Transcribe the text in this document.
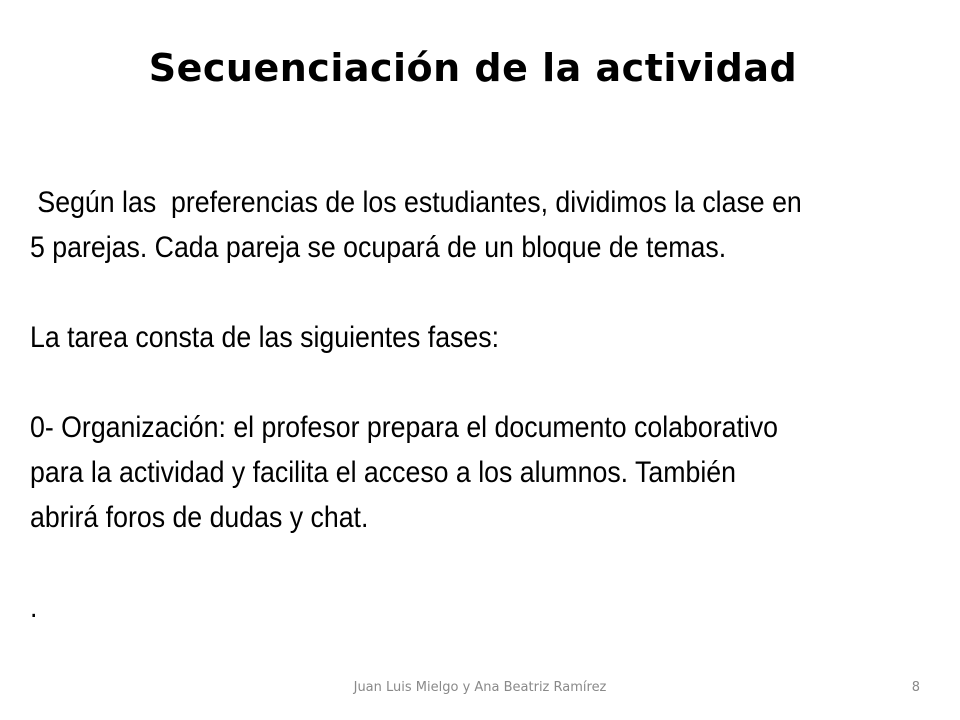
Secuenciación de la actividad

Según las  preferencias de los estudiantes, dividimos la clase en

5 parejas. Cada pareja se ocupará de un bloque de temas.

La tarea consta de las siguientes fases:

0- Organización: el profesor prepara el documento colaborativo

para la actividad y facilita el acceso a los alumnos. También

abrirá foros de dudas y chat.

.

Juan Luis Mielgo y Ana Beatriz Ramírez	8
